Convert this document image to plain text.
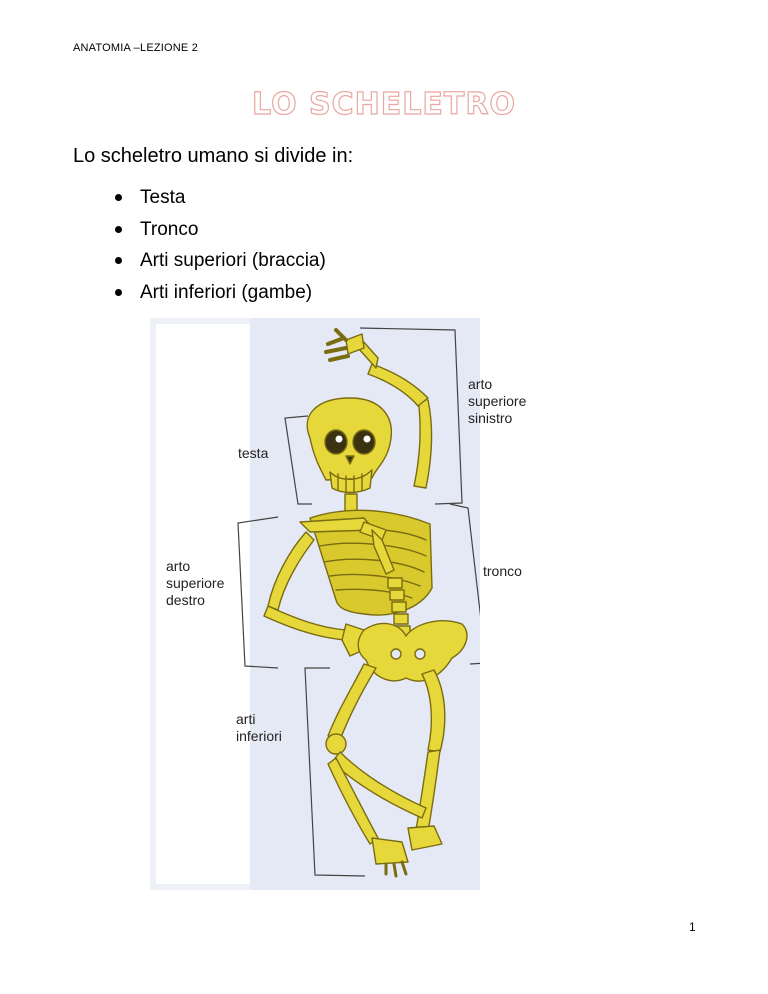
ANATOMIA –LEZIONE 2
LO SCHELETRO
Lo scheletro umano si divide in:
Testa
Tronco
Arti superiori (braccia)
Arti inferiori (gambe)
arto superiore
sinistro
testa
arto
superiore
destro
tronco
arti
inferiori
1
